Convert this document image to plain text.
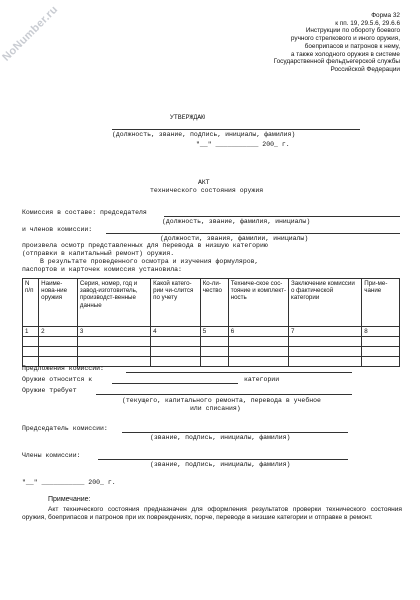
NoNumber.ru	Форма 32
к пп. 19, 29.5.6, 29.6.6
Инструкции по обороту боевого
ручного стрелкового и иного оружия,
боеприпасов и патронов к нему,
а также холодного оружия в системе
Государственной фельдъегерской службы
Российской Федерации
УТВЕРЖДАЮ
(должность, звание, подпись, инициалы, фамилия)
"__" ___________ 200_ г.
АКТ
технического состояния оружия
Комиссия в составе: председателя
(должность, звание, фамилия, инициалы)
и членов комиссии:
(должности, звания, фамилии, инициалы)
произвела осмотр представленных для перевода в низшую категорию
(отправки в капитальный ремонт) оружия.
В результате проведенного осмотра и изучения формуляров,
паспортов и карточек комиссия установила:
N п/п	Наиме-нова-ние оружия	Серия, номер, год и завод-изготовитель, производст-венные данные	Какой катего-рии чи-слится по учету	Ко-ли-чество	Техниче-ское сос-тояние и комплект-ность	Заключение комиссии о фактической категории	При-ме-чание
1	2	3	4	5	6	7	8

Предложения комиссии:
Оружие относится к	категории
Оружие требует
(текущего, капитального ремонта, перевода в учебное
или списания)
Председатель комиссии:
(звание, подпись, инициалы, фамилия)
Члены комиссии:
(звание, подпись, инициалы, фамилия)
"__" ___________ 200_ г.
Примечание:
Акт технического состояния предназначен для оформления результатов проверки технического состояния оружия, боеприпасов и патронов при их повреждениях, порче, переводе в низшие категории и отправке в ремонт.
